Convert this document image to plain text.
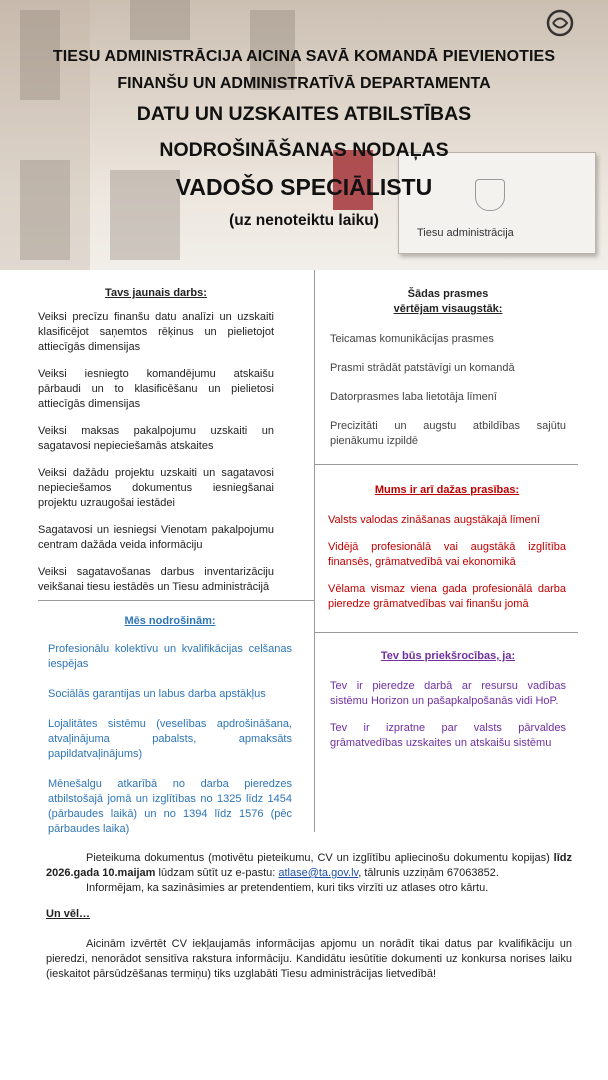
Tiesu administrācija
TIESU ADMINISTRĀCIJA AICINA SAVĀ KOMANDĀ PIEVIENOTIES
FINANŠU UN ADMINISTRATĪVĀ DEPARTAMENTA
DATU UN UZSKAITES ATBILSTĪBAS
NODROŠINĀŠANAS NODAĻAS
VADOŠO SPECIĀLISTU
(uz nenoteiktu laiku)
Tavs jaunais darbs:

Veiksi precīzu finanšu datu analīzi un uzskaiti klasificējot saņemtos rēķinus un pielietojot attiecīgās dimensijas

Veiksi iesniegto komandējumu atskaišu pārbaudi un to klasificēšanu un pielietosi attiecīgās dimensijas

Veiksi maksas pakalpojumu uzskaiti un sagatavosi nepieciešamās atskaites

Veiksi dažādu projektu uzskaiti un sagatavosi nepieciešamos dokumentus iesniegšanai projektu uzraugošai iestādei

Sagatavosi un iesniegsi Vienotam pakalpojumu centram dažāda veida informāciju

Veiksi sagatavošanas darbus inventarizāciju veikšanai tiesu iestādēs un Tiesu administrācijā

Mēs nodrošinām:

Profesionālu kolektīvu un kvalifikācijas celšanas iespējas

Sociālās garantijas un labus darba apstākļus

Lojalitātes sistēmu (veselības apdrošināšana, atvaļinājuma pabalsts, apmaksāts papildatvaļinājums)

Mēnešalgu atkarībā no darba pieredzes atbilstošajā jomā un izglītības no 1325 līdz 1454 (pārbaudes laikā) un no 1394 līdz 1576 (pēc pārbaudes laika)

Šādas prasmes
vērtējam visaugstāk:

Teicamas komunikācijas prasmes

Prasmi strādāt patstāvīgi un komandā

Datorprasmes laba lietotāja līmenī

Precizitāti un augstu atbildības sajūtu pienākumu izpildē

Mums ir arī dažas prasības:

Valsts valodas zināšanas augstākajā līmenī

Vidējā profesionālā vai augstākā izglītība finansēs, grāmatvedībā vai ekonomikā

Vēlama vismaz viena gada profesionālā darba pieredze grāmatvedības vai finanšu jomā

Tev būs priekšrocības, ja:

Tev ir pieredze darbā ar resursu vadības sistēmu Horizon un pašapkalpošanās vidi HoP.

Tev ir izpratne par valsts pārvaldes grāmatvedības uzskaites un atskaišu sistēmu

Pieteikuma dokumentus (motivētu pieteikumu, CV un izglītību apliecinošu dokumentu kopijas) līdz 2026.gada 10.maijam lūdzam sūtīt uz e-pastu: atlase@ta.gov.lv, tālrunis uzziņām 67063852.
Informējam, ka sazināsimies ar pretendentiem, kuri tiks virzīti uz atlases otro kārtu.
Un vēl…
Aicinām izvērtēt CV iekļaujamās informācijas apjomu un norādīt tikai datus par kvalifikāciju un pieredzi, nenorādot sensitīva rakstura informāciju. Kandidātu iesūtītie dokumenti uz konkursa norises laiku (ieskaitot pārsūdzēšanas termiņu) tiks uzglabāti Tiesu administrācijas lietvedībā!
